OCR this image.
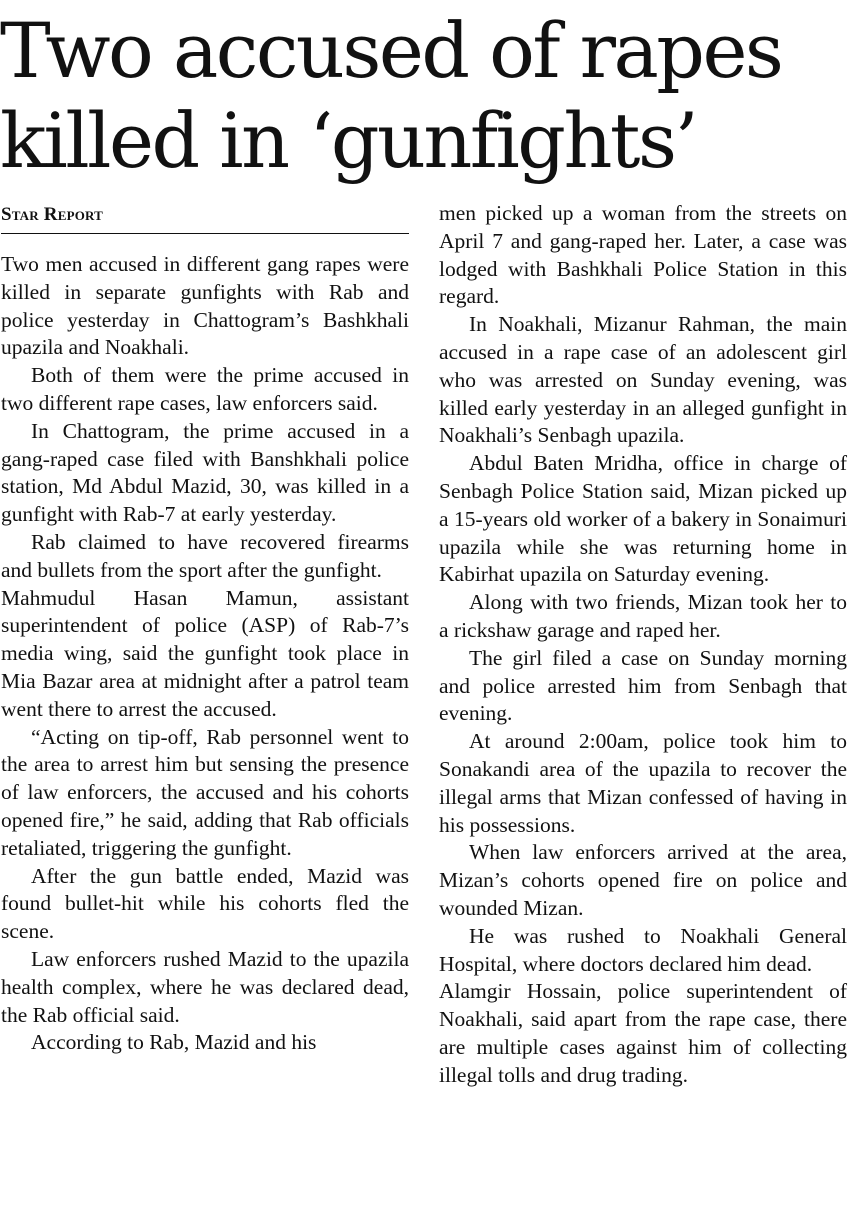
Two accused of rapes
killed in ‘gunfights’
Star Report

Two men accused in different gang rapes were killed in separate gunfights with Rab and police yesterday in Chattogram’s Bashkhali upazila and Noakhali.

Both of them were the prime accused in two different rape cases, law enforcers said.

In Chattogram, the prime accused in a gang-raped case filed with Banshkhali police station, Md Abdul Mazid, 30, was killed in a gunfight with Rab-7 at early yesterday.

Rab claimed to have recovered firearms and bullets from the sport after the gunfight.

Mahmudul Hasan Mamun, assistant superintendent of police (ASP) of Rab-7’s media wing, said the gunfight took place in Mia Bazar area at midnight after a patrol team went there to arrest the accused.

“Acting on tip-off, Rab personnel went to the area to arrest him but sensing the presence of law enforcers, the accused and his cohorts opened fire,” he said, adding that Rab officials retaliated, triggering the gunfight.

After the gun battle ended, Mazid was found bullet-hit while his cohorts fled the scene.

Law enforcers rushed Mazid to the upazila health complex, where he was declared dead, the Rab official said.

According to Rab, Mazid and his

men picked up a woman from the streets on April 7 and gang-raped her. Later, a case was lodged with Bashkhali Police Station in this regard.

In Noakhali, Mizanur Rahman, the main accused in a rape case of an adolescent girl who was arrested on Sunday evening, was killed early yesterday in an alleged gunfight in Noakhali’s Senbagh upazila.

Abdul Baten Mridha, office in charge of Senbagh Police Station said, Mizan picked up a 15-years old worker of a bakery in Sonaimuri upazila while she was returning home in Kabirhat upazila on Saturday evening.

Along with two friends, Mizan took her to a rickshaw garage and raped her.

The girl filed a case on Sunday morning and police arrested him from Senbagh that evening.

At around 2:00am, police took him to Sonakandi area of the upazila to recover the illegal arms that Mizan confessed of having in his possessions.

When law enforcers arrived at the area, Mizan’s cohorts opened fire on police and wounded Mizan.

He was rushed to Noakhali General Hospital, where doctors declared him dead.

Alamgir Hossain, police superintendent of Noakhali, said apart from the rape case, there are multiple cases against him of collecting illegal tolls and drug trading.
